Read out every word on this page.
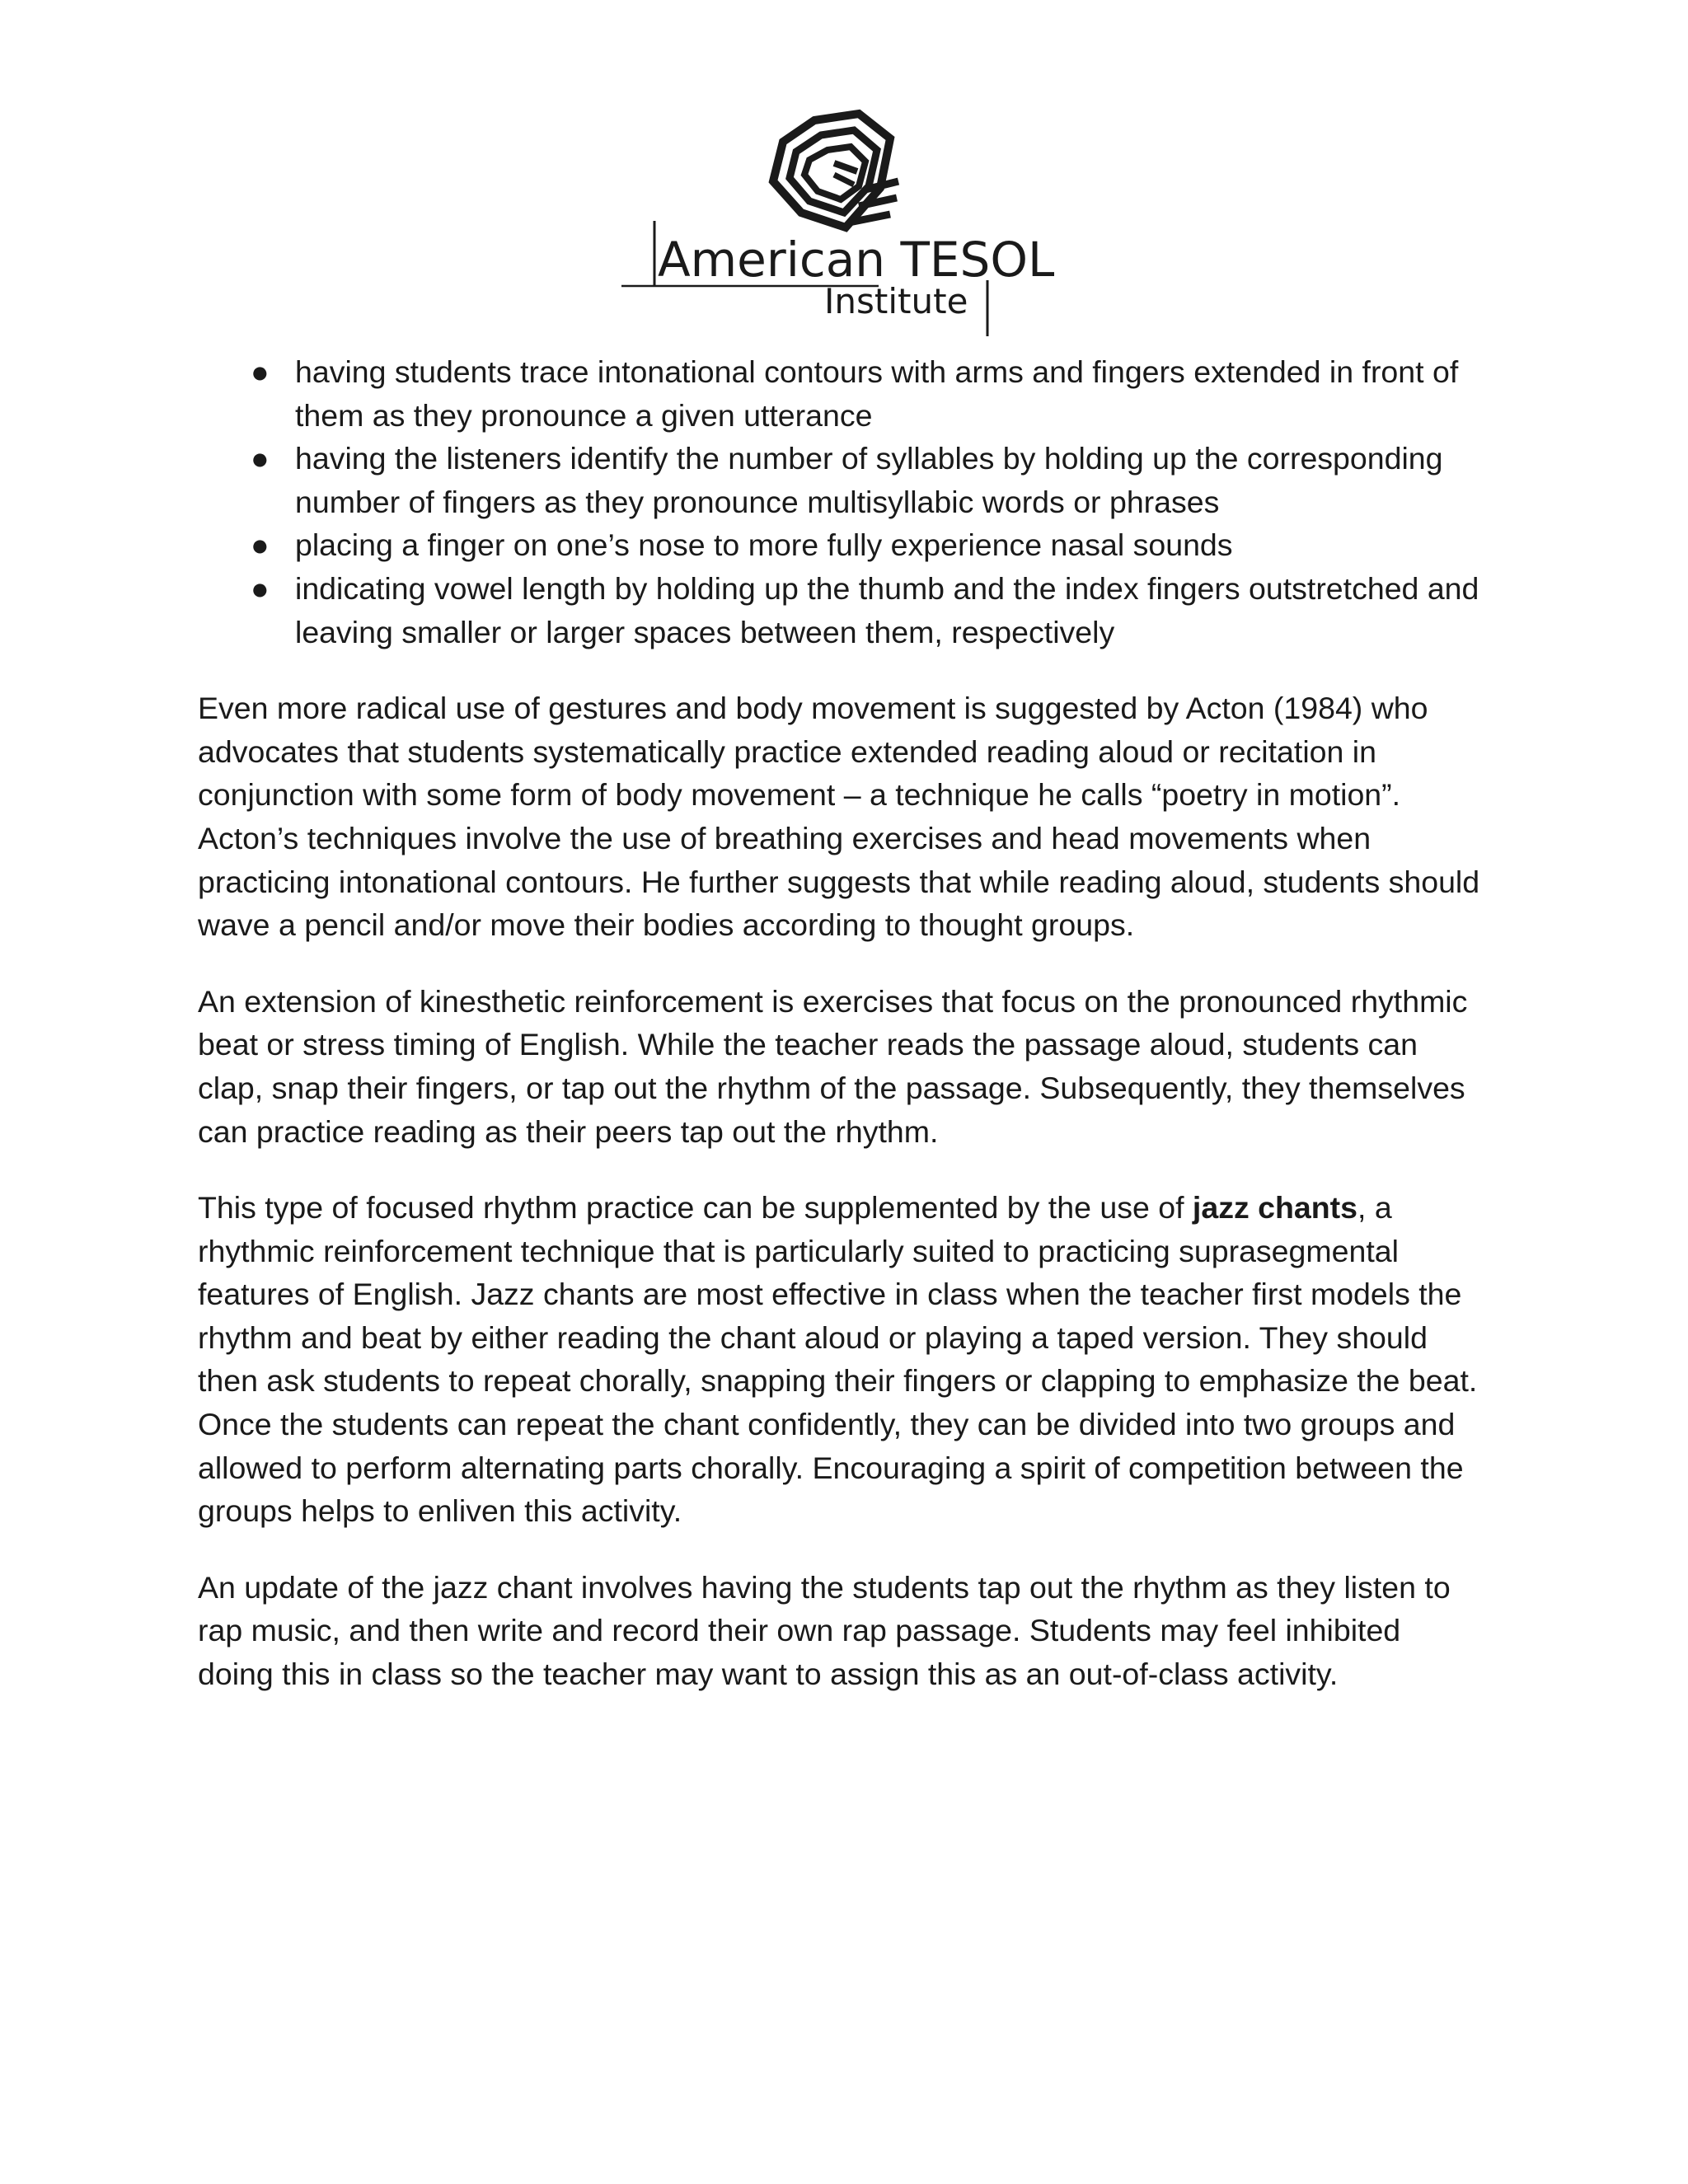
American TESOL
Institute
● having students trace intonational contours with arms and fingers extended in front of them as they pronounce a given utterance
● having the listeners identify the number of syllables by holding up the corresponding number of fingers as they pronounce multisyllabic words or phrases
● placing a finger on one’s nose to more fully experience nasal sounds
● indicating vowel length by holding up the thumb and the index fingers outstretched and leaving smaller or larger spaces between them, respectively

Even more radical use of gestures and body movement is suggested by Acton (1984) who advocates that students systematically practice extended reading aloud or recitation in conjunction with some form of body movement – a technique he calls “poetry in motion”. Acton’s techniques involve the use of breathing exercises and head movements when practicing intonational contours. He further suggests that while reading aloud, students should wave a pencil and/or move their bodies according to thought groups.

An extension of kinesthetic reinforcement is exercises that focus on the pronounced rhythmic beat or stress timing of English. While the teacher reads the passage aloud, students can clap, snap their fingers, or tap out the rhythm of the passage. Subsequently, they themselves can practice reading as their peers tap out the rhythm.

This type of focused rhythm practice can be supplemented by the use of jazz chants, a rhythmic reinforcement technique that is particularly suited to practicing suprasegmental features of English. Jazz chants are most effective in class when the teacher first models the rhythm and beat by either reading the chant aloud or playing a taped version. They should then ask students to repeat chorally, snapping their fingers or clapping to emphasize the beat. Once the students can repeat the chant confidently, they can be divided into two groups and allowed to perform alternating parts chorally. Encouraging a spirit of competition between the groups helps to enliven this activity.

An update of the jazz chant involves having the students tap out the rhythm as they listen to rap music, and then write and record their own rap passage. Students may feel inhibited doing this in class so the teacher may want to assign this as an out-of-class activity.
